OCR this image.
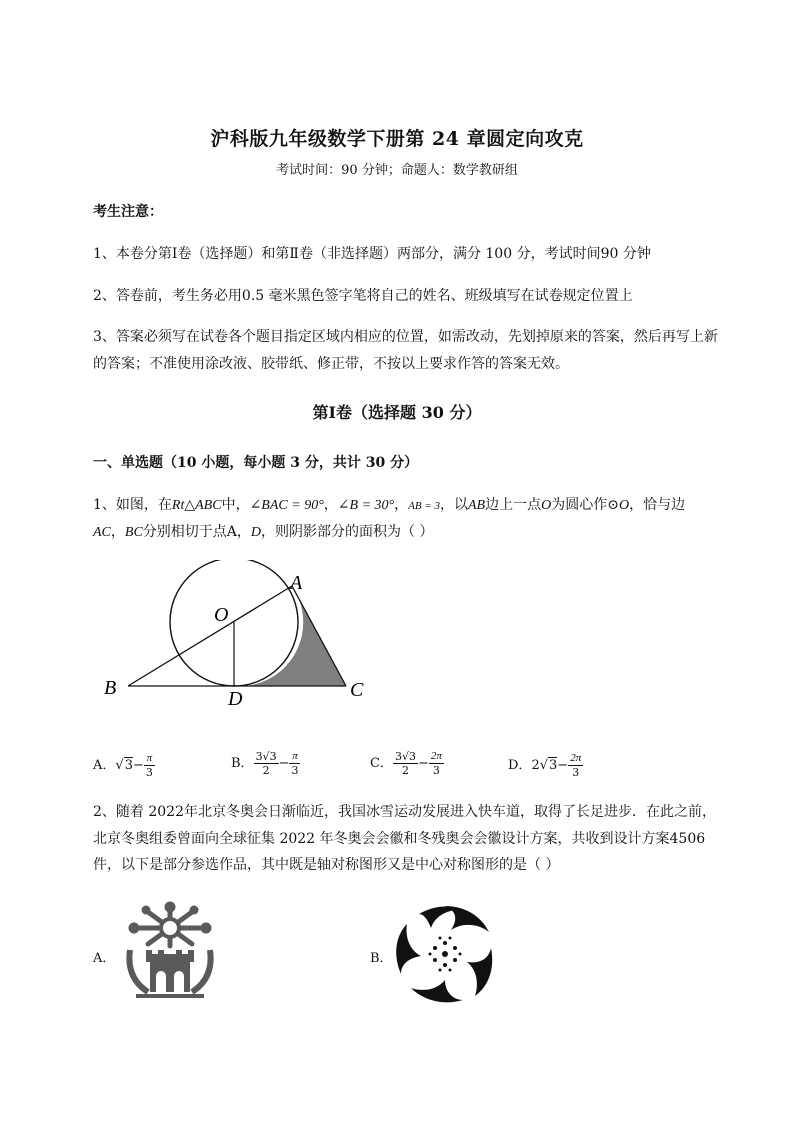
沪科版九年级数学下册第 24 章圆定向攻克
考试时间：90 分钟；命题人：数学教研组
考生注意：
1、本卷分第Ⅰ卷（选择题）和第Ⅱ卷（非选择题）两部分，满分 100 分，考试时间90 分钟
2、答卷前，考生务必用0.5 毫米黑色签字笔将自己的姓名、班级填写在试卷规定位置上
3、答案必须写在试卷各个题目指定区域内相应的位置，如需改动，先划掉原来的答案，然后再写上新
的答案；不准使用涂改液、胶带纸、修正带，不按以上要求作答的答案无效。
第Ⅰ卷（选择题 30 分）
一、单选题（10 小题，每小题 3 分，共计 30 分）
1、如图，在Rt△ABC中，∠BAC = 90°，∠B = 30°，AB = 3，以AB边上一点O为圆心作⊙O，恰与边
AC，BC分别相切于点A，D，则阴影部分的面积为（ ）
A
O
B	D	C
A．$√3- \frac{\pi}{3}$	B． $\frac{3√3}{2} - \frac{\pi}{3}$	C． $\frac{3√3}{2} - \frac{2\pi}{3}$	D．$2√3- \frac{2\pi}{3}$
2、随着 2022年北京冬奥会日渐临近，我国冰雪运动发展进入快车道，取得了长足进步．在此之前，
北京冬奥组委曾面向全球征集 2022 年冬奥会会徽和冬残奥会会徽设计方案，共收到设计方案4506
件，以下是部分参选作品，其中既是轴对称图形又是中心对称图形的是（ ）
A．	B．
